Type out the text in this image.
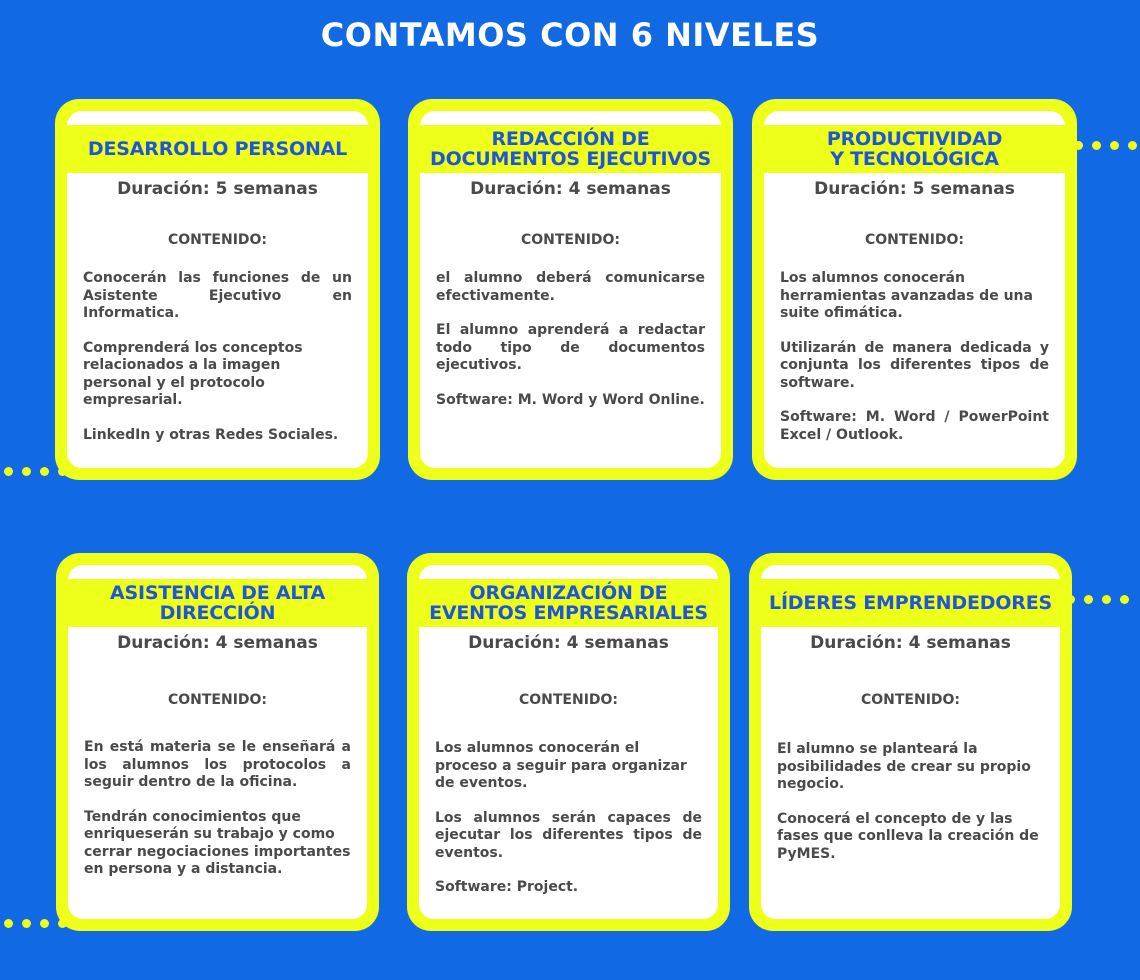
CONTAMOS CON 6 NIVELES
DESARROLLO PERSONAL
Duración: 5 semanas
CONTENIDO:

Conocerán las funciones de un Asistente Ejecutivo en Informatica.

Comprenderá los conceptos relacionados a la imagen personal y el protocolo empresarial.

LinkedIn y otras Redes Sociales.

REDACCIÓN DE
DOCUMENTOS EJECUTIVOS
Duración: 4 semanas
CONTENIDO:

el alumno deberá comunicarse efectivamente.

El alumno aprenderá a redactar todo tipo de documentos ejecutivos.

Software: M. Word y Word Online.

PRODUCTIVIDAD
Y TECNOLÓGICA
Duración: 5 semanas
CONTENIDO:

Los alumnos conocerán herramientas avanzadas de una suite ofimática.

Utilizarán de manera dedicada y conjunta los diferentes tipos de software.

Software: M. Word / PowerPoint Excel / Outlook.

ASISTENCIA DE ALTA
DIRECCIÓN
Duración: 4 semanas
CONTENIDO:

En está materia se le enseñará a los alumnos los protocolos a seguir dentro de la oficina.

Tendrán conocimientos que enriqueserán su trabajo y como cerrar negociaciones importantes en persona y a distancia.

ORGANIZACIÓN DE
EVENTOS EMPRESARIALES
Duración: 4 semanas
CONTENIDO:

Los alumnos conocerán el proceso a seguir para organizar de eventos.

Los alumnos serán capaces de ejecutar los diferentes tipos de eventos.

Software: Project.

LÍDERES EMPRENDEDORES
Duración: 4 semanas
CONTENIDO:

El alumno se planteará la posibilidades de crear su propio negocio.

Conocerá el concepto de y las fases que conlleva la creación de PyMES.
